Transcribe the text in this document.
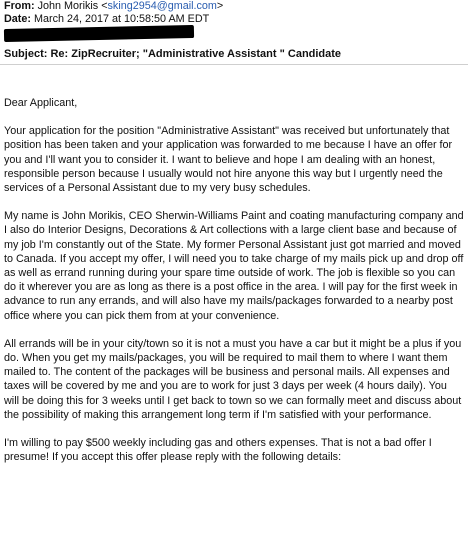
From: John Morikis <sking2954@gmail.com>
Date: March 24, 2017 at 10:58:50 AM EDT
Subject: Re: ZipRecruiter; "Administrative Assistant " Candidate

Dear Applicant,

Your application for the position "Administrative Assistant" was received but unfortunately that position has been taken and your application was forwarded to me because I have an offer for you and I'll want you to consider it. I want to believe and hope I am dealing with an honest, responsible person because I usually would not hire anyone this way but I urgently need the services of a Personal Assistant due to my very busy schedules.

My name is John Morikis, CEO Sherwin-Williams Paint and coating manufacturing company and I also do Interior Designs, Decorations & Art collections with a large client base and because of my job I'm constantly out of the State. My former Personal Assistant just got married and moved to Canada. If you accept my offer, I will need you to take charge of my mails pick up and drop off as well as errand running during your spare time outside of work. The job is flexible so you can do it wherever you are as long as there is a post office in the area. I will pay for the first week in advance to run any errands, and will also have my mails/packages forwarded to a nearby post office where you can pick them from at your convenience.

All errands will be in your city/town so it is not a must you have a car but it might be a plus if you do. When you get my mails/packages, you will be required to mail them to where I want them mailed to. The content of the packages will be business and personal mails. All expenses and taxes will be covered by me and you are to work for just 3 days per week (4 hours daily). You will be doing this for 3 weeks until I get back to town so we can formally meet and discuss about the possibility of making this arrangement long term if I'm satisfied with your performance.

I'm willing to pay $500 weekly including gas and others expenses. That is not a bad offer I presume! If you accept this offer please reply with the following details:
